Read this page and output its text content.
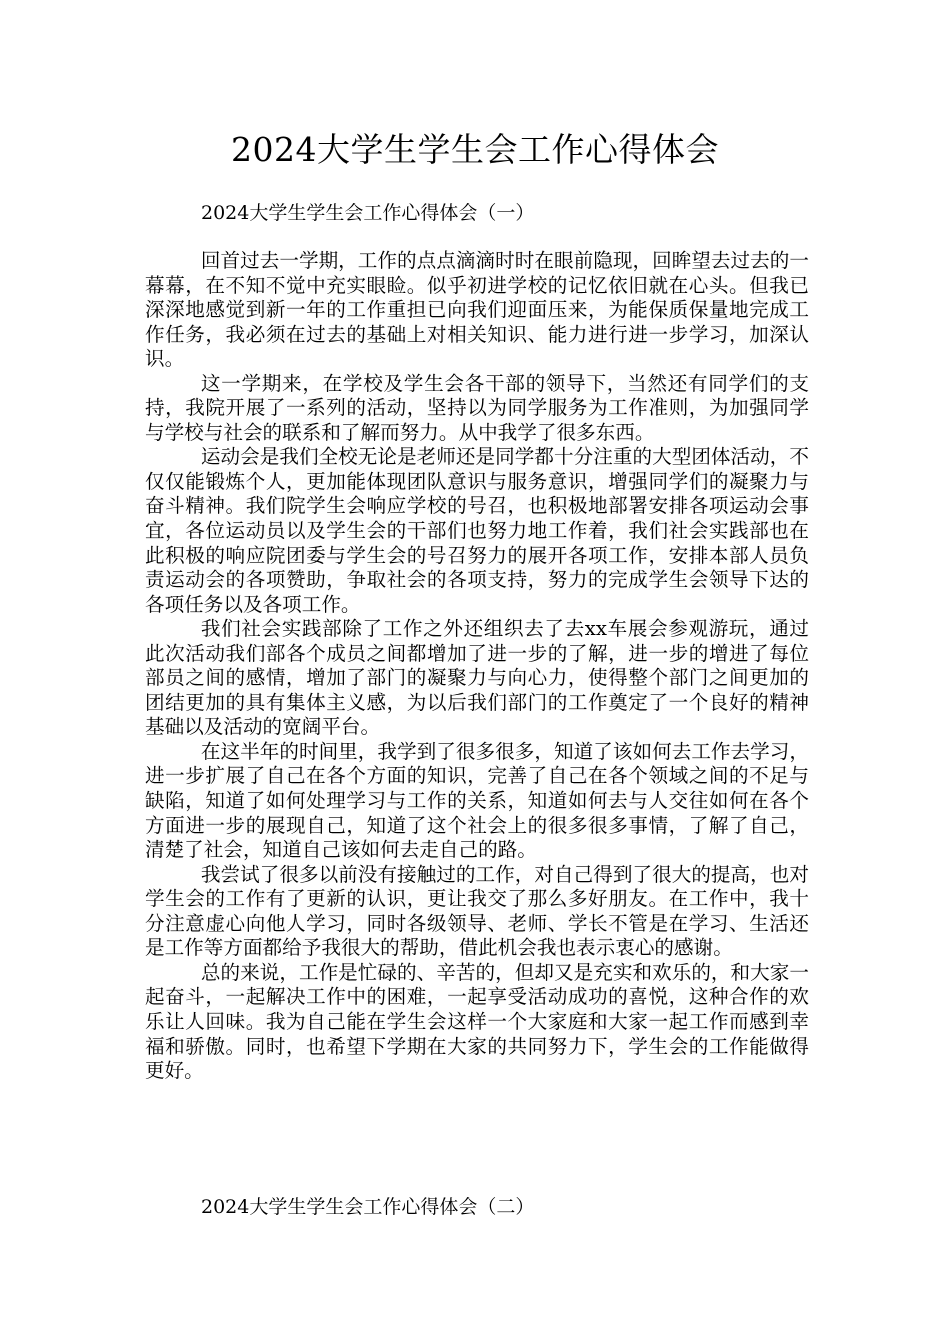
2024大学生学生会工作心得体会
2024大学生学生会工作心得体会（一）

回首过去一学期，工作的点点滴滴时时在眼前隐现，回眸望去过去的一幕幕，在不知不觉中充实眼睑。似乎初进学校的记忆依旧就在心头。但我已深深地感觉到新一年的工作重担已向我们迎面压来，为能保质保量地完成工作任务，我必须在过去的基础上对相关知识、能力进行进一步学习，加深认识。

这一学期来，在学校及学生会各干部的领导下，当然还有同学们的支持，我院开展了一系列的活动，坚持以为同学服务为工作准则，为加强同学与学校与社会的联系和了解而努力。从中我学了很多东西。

运动会是我们全校无论是老师还是同学都十分注重的大型团体活动，不仅仅能锻炼个人，更加能体现团队意识与服务意识，增强同学们的凝聚力与奋斗精神。我们院学生会响应学校的号召，也积极地部署安排各项运动会事宜，各位运动员以及学生会的干部们也努力地工作着，我们社会实践部也在此积极的响应院团委与学生会的号召努力的展开各项工作，安排本部人员负责运动会的各项赞助，争取社会的各项支持，努力的完成学生会领导下达的各项任务以及各项工作。

我们社会实践部除了工作之外还组织去了去xx车展会参观游玩，通过此次活动我们部各个成员之间都增加了进一步的了解，进一步的增进了每位部员之间的感情，增加了部门的凝聚力与向心力，使得整个部门之间更加的团结更加的具有集体主义感，为以后我们部门的工作奠定了一个良好的精神基础以及活动的宽阔平台。

在这半年的时间里，我学到了很多很多，知道了该如何去工作去学习，进一步扩展了自己在各个方面的知识，完善了自己在各个领域之间的不足与缺陷，知道了如何处理学习与工作的关系，知道如何去与人交往如何在各个方面进一步的展现自己，知道了这个社会上的很多很多事情，了解了自己，清楚了社会，知道自己该如何去走自己的路。

我尝试了很多以前没有接触过的工作，对自己得到了很大的提高，也对学生会的工作有了更新的认识，更让我交了那么多好朋友。在工作中，我十分注意虚心向他人学习，同时各级领导、老师、学长不管是在学习、生活还是工作等方面都给予我很大的帮助，借此机会我也表示衷心的感谢。

总的来说，工作是忙碌的、辛苦的，但却又是充实和欢乐的，和大家一起奋斗，一起解决工作中的困难，一起享受活动成功的喜悦，这种合作的欢乐让人回味。我为自己能在学生会这样一个大家庭和大家一起工作而感到幸福和骄傲。同时，也希望下学期在大家的共同努力下，学生会的工作能做得更好。

2024大学生学生会工作心得体会（二）
